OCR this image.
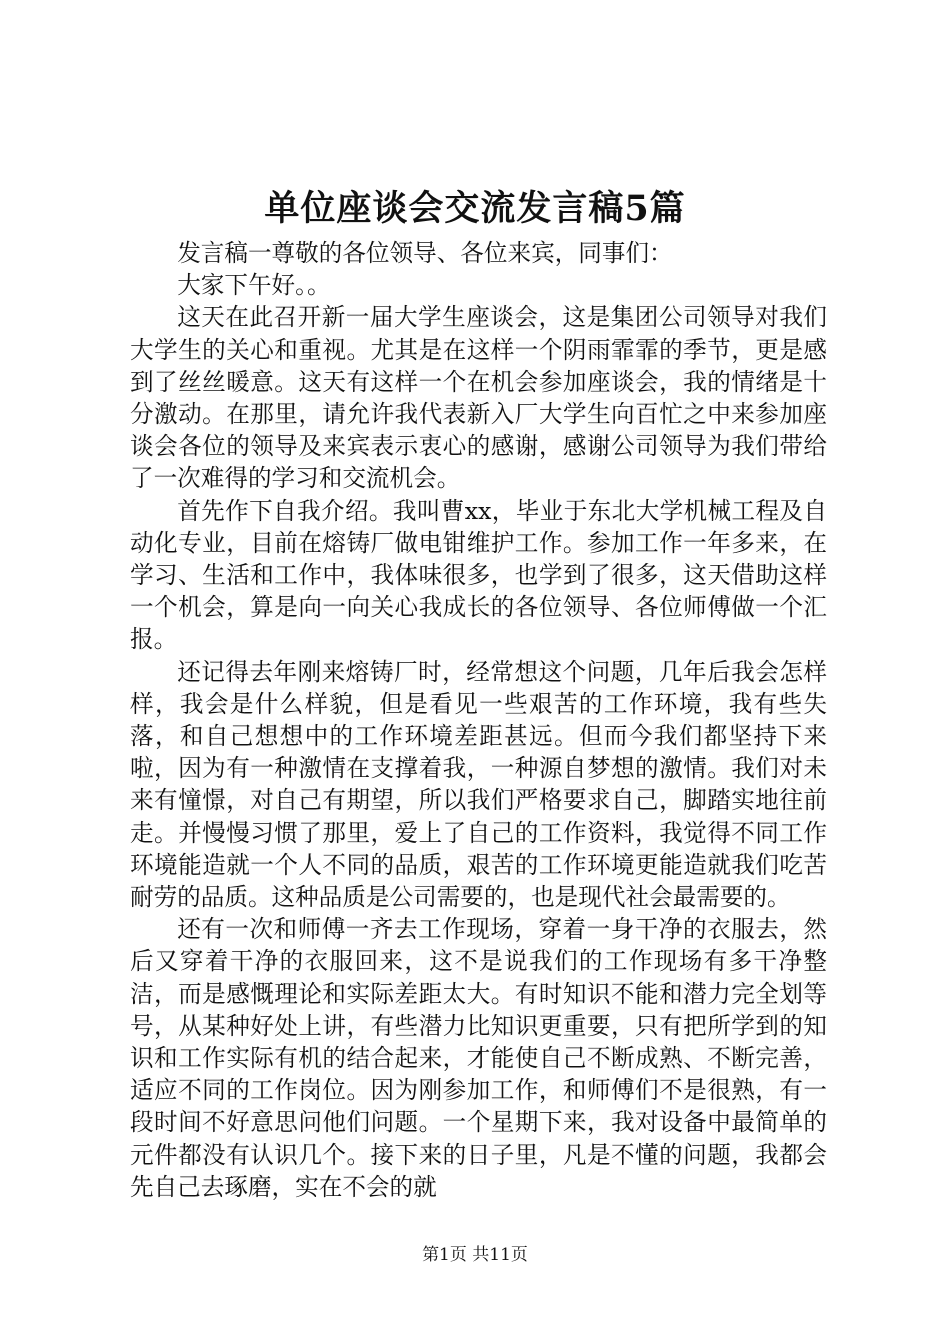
单位座谈会交流发言稿5篇

发言稿一尊敬的各位领导、各位来宾，同事们：

大家下午好。。

这天在此召开新一届大学生座谈会，这是集团公司领导对我们大学生的关心和重视。尤其是在这样一个阴雨霏霏的季节，更是感到了丝丝暖意。这天有这样一个在机会参加座谈会，我的情绪是十分激动。在那里，请允许我代表新入厂大学生向百忙之中来参加座谈会各位的领导及来宾表示衷心的感谢，感谢公司领导为我们带给了一次难得的学习和交流机会。

首先作下自我介绍。我叫曹xx，毕业于东北大学机械工程及自动化专业，目前在熔铸厂做电钳维护工作。参加工作一年多来，在学习、生活和工作中，我体味很多，也学到了很多，这天借助这样一个机会，算是向一向关心我成长的各位领导、各位师傅做一个汇报。

还记得去年刚来熔铸厂时，经常想这个问题，几年后我会怎样样，我会是什么样貌，但是看见一些艰苦的工作环境，我有些失落，和自己想想中的工作环境差距甚远。但而今我们都坚持下来啦，因为有一种激情在支撑着我，一种源自梦想的激情。我们对未来有憧憬，对自己有期望，所以我们严格要求自己，脚踏实地往前走。并慢慢习惯了那里，爱上了自己的工作资料，我觉得不同工作环境能造就一个人不同的品质，艰苦的工作环境更能造就我们吃苦耐劳的品质。这种品质是公司需要的，也是现代社会最需要的。

还有一次和师傅一齐去工作现场，穿着一身干净的衣服去，然后又穿着干净的衣服回来，这不是说我们的工作现场有多干净整洁，而是感慨理论和实际差距太大。有时知识不能和潜力完全划等号，从某种好处上讲，有些潜力比知识更重要，只有把所学到的知识和工作实际有机的结合起来，才能使自己不断成熟、不断完善，适应不同的工作岗位。因为刚参加工作，和师傅们不是很熟，有一段时间不好意思问他们问题。一个星期下来，我对设备中最简单的元件都没有认识几个。接下来的日子里，凡是不懂的问题，我都会先自己去琢磨，实在不会的就

第1页 共11页
